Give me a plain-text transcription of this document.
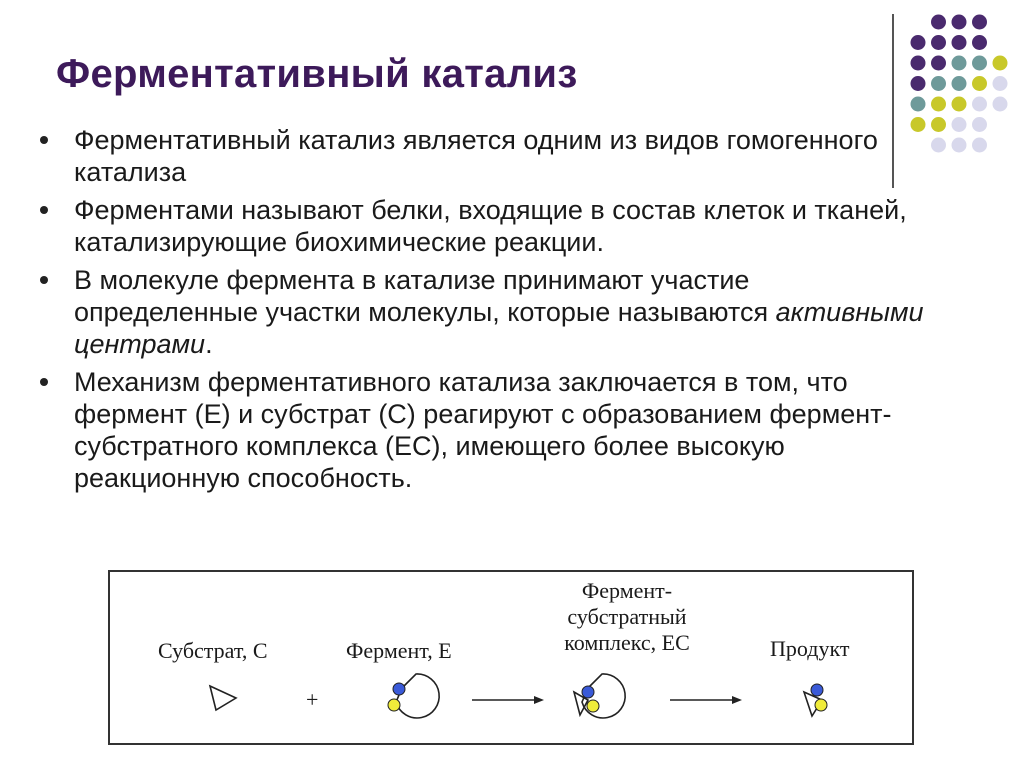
Ферментативный катализ
Ферментативный катализ является одним из видов гомогенного катализа
Ферментами называют белки, входящие в состав клеток и тканей, катализирующие биохимические реакции.
В молекуле фермента в катализе принимают участие определенные участки молекулы, которые называются активными центрами.
Механизм ферментативного катализа заключается в том, что фермент (Е) и субстрат (С) реагируют с образованием фермент-субстратного комплекса (ЕС), имеющего более высокую реакционную способность.
Субстрат, С	Фермент, Е
Фермент-
субстратный
комплекс, ЕС	Продукт
+
